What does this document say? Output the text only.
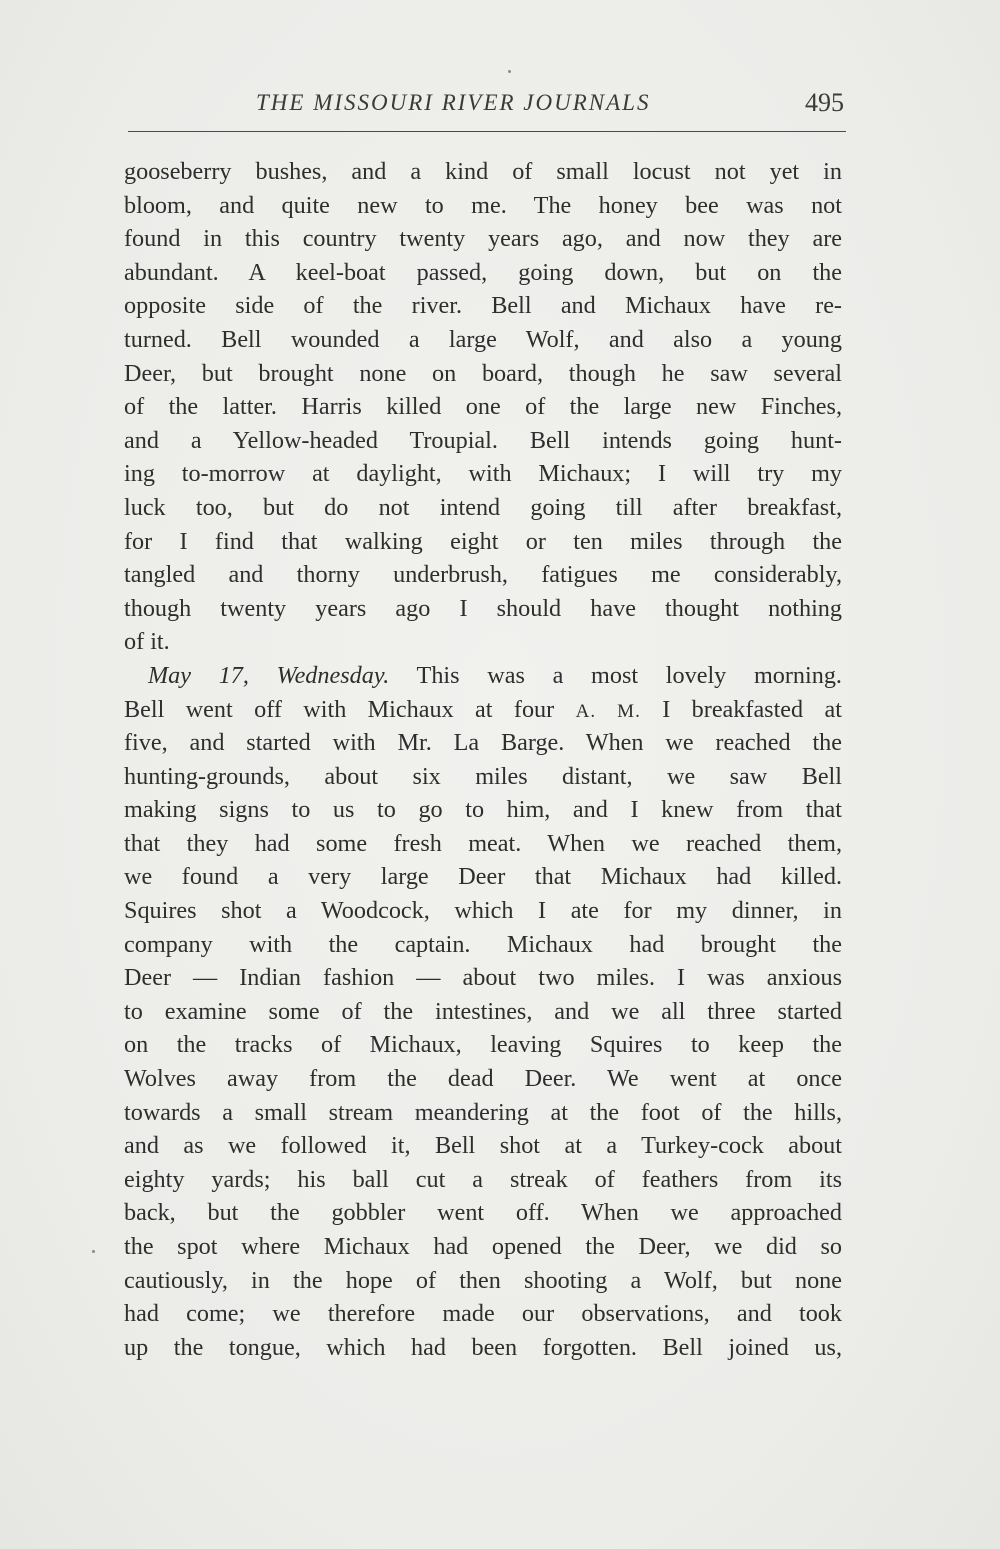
THE MISSOURI RIVER JOURNALS	495
gooseberry bushes, and a kind of small locust not yet in
bloom, and quite new to me. The honey bee was not
found in this country twenty years ago, and now they are
abundant. A keel-boat passed, going down, but on the
opposite side of the river. Bell and Michaux have re-
turned. Bell wounded a large Wolf, and also a young
Deer, but brought none on board, though he saw several
of the latter. Harris killed one of the large new Finches,
and a Yellow-headed Troupial. Bell intends going hunt-
ing to-morrow at daylight, with Michaux; I will try my
luck too, but do not intend going till after breakfast,
for I find that walking eight or ten miles through the
tangled and thorny underbrush, fatigues me considerably,
though twenty years ago I should have thought nothing
of it.
May 17, Wednesday. This was a most lovely morning.
Bell went off with Michaux at four A. M. I breakfasted at
five, and started with Mr. La Barge. When we reached the
hunting-grounds, about six miles distant, we saw Bell
making signs to us to go to him, and I knew from that
that they had some fresh meat. When we reached them,
we found a very large Deer that Michaux had killed.
Squires shot a Woodcock, which I ate for my dinner, in
company with the captain. Michaux had brought the
Deer — Indian fashion — about two miles. I was anxious
to examine some of the intestines, and we all three started
on the tracks of Michaux, leaving Squires to keep the
Wolves away from the dead Deer. We went at once
towards a small stream meandering at the foot of the hills,
and as we followed it, Bell shot at a Turkey-cock about
eighty yards; his ball cut a streak of feathers from its
back, but the gobbler went off. When we approached
the spot where Michaux had opened the Deer, we did so
cautiously, in the hope of then shooting a Wolf, but none
had come; we therefore made our observations, and took
up the tongue, which had been forgotten. Bell joined us,
